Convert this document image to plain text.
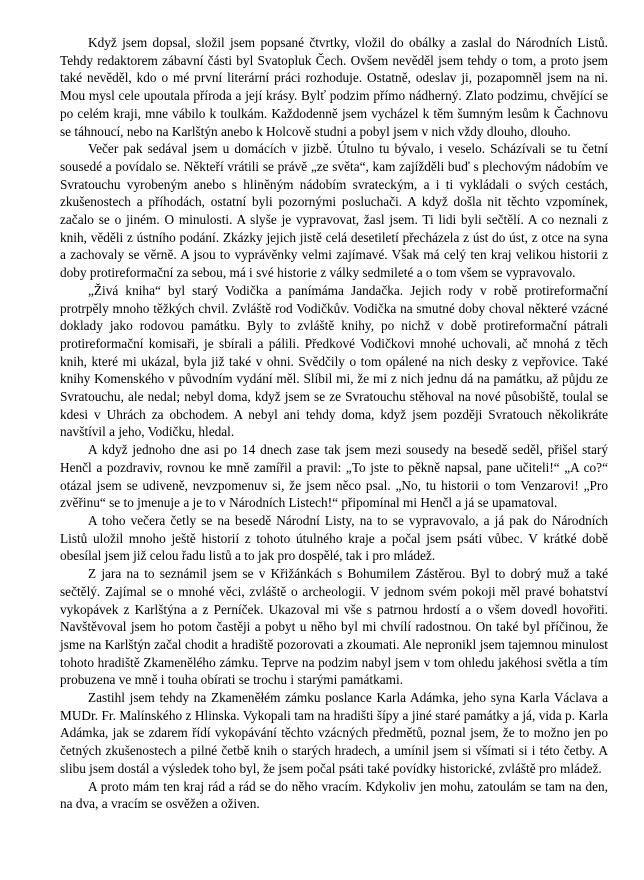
Když jsem dopsal, složil jsem popsané čtvrtky, vložil do obálky a zaslal do Národních Listů. Tehdy redaktorem zábavní části byl Svatopluk Čech. Ovšem nevěděl jsem tehdy o tom, a proto jsem také nevěděl, kdo o mé první literární práci rozhoduje. Ostatně, odeslav ji, pozapomněl jsem na ni. Mou mysl cele upoutala příroda a její krásy. Bylť podzim přímo nádherný. Zlato podzimu, chvějící se po celém kraji, mne vábilo k toulkám. Každodenně jsem vycházel k těm šumným lesům k Čachnovu se táhnoucí, nebo na Karlštýn anebo k Holcově studni a pobyl jsem v nich vždy dlouho, dlouho.

Večer pak sedával jsem u domácích v jizbě. Útulno tu bývalo, i veselo. Scházívali se tu četní sousedé a povídalo se. Někteří vrátili se právě „ze světa“, kam zajížděli buď s plechovým nádobím ve Svratouchu vyrobeným anebo s hliněným nádobím svrateckým, a i ti vykládali o svých cestách, zkušenostech a příhodách, ostatní byli pozornými posluchači. A když došla nit těchto vzpomínek, začalo se o jiném. O minulosti. A slyše je vypravovat, žasl jsem. Ti lidi byli sečtělí. A co neznali z knih, věděli z ústního podání. Zkázky jejich jistě celá desetiletí přecházela z úst do úst, z otce na syna a zachovaly se věrně. A jsou to vyprávěnky velmi zajímavé. Však má celý ten kraj velikou historii z doby protireformační za sebou, má i své historie z války sedmileté a o tom všem se vypravovalo.

„Živá kniha“ byl starý Vodička a panímáma Jandačka. Jejich rody v robě protireformační protrpěly mnoho těžkých chvil. Zvláště rod Vodičkův. Vodička na smutné doby choval některé vzácné doklady jako rodovou památku. Byly to zvláště knihy, po nichž v době protireformační pátrali protireformační komisaři, je sbírali a pálili. Předkové Vodičkovi mnohé uchovali, ač mnohá z těch knih, které mi ukázal, byla již také v ohni. Svědčily o tom opálené na nich desky z vepřovice. Také knihy Komenského v původním vydání měl. Slíbil mi, že mi z nich jednu dá na památku, až půjdu ze Svratouchu, ale nedal; nebyl doma, když jsem se ze Svratouchu stěhoval na nové působiště, toulal se kdesi v Uhrách za obchodem. A nebyl ani tehdy doma, když jsem později Svratouch několikráte navštívil a jeho, Vodičku, hledal.

A když jednoho dne asi po 14 dnech zase tak jsem mezi sousedy na besedě seděl, přišel starý Henčl a pozdraviv, rovnou ke mně zamířil a pravil: „To jste to pěkně napsal, pane učiteli!“ „A co?“ otázal jsem se udiveně, nevzpomenuv si, že jsem něco psal. „No, tu historii o tom Venzarovi! „Pro zvěřinu“ se to jmenuje a je to v Národních Listech!“ připomínal mi Henčl a já se upamatoval.

A toho večera četly se na besedě Národní Listy, na to se vypravovalo, a já pak do Národních Listů uložil mnoho ještě historií z tohoto útulného kraje a počal jsem psáti vůbec. V krátké době obesílal jsem již celou řadu listů a to jak pro dospělé, tak i pro mládež.

Z jara na to seznámil jsem se v Křižánkách s Bohumilem Zástěrou. Byl to dobrý muž a také sečtělý. Zajímal se o mnohé věci, zvláště o archeologii. V jednom svém pokoji měl pravé bohatství vykopávek z Karlštýna a z Perníček. Ukazoval mi vše s patrnou hrdostí a o všem dovedl hovořiti. Navštěvoval jsem ho potom častěji a pobyt u něho byl mi chvílí radostnou. On také byl příčinou, že jsme na Karlštýn začal chodit a hradiště pozorovati a zkoumati. Ale nepronikl jsem tajemnou minulost tohoto hradiště Zkamenělého zámku. Teprve na podzim nabyl jsem v tom ohledu jakéhosi světla a tím probuzena ve mně i touha obírati se trochu i starými památkami.

Zastihl jsem tehdy na Zkameněłém zámku poslance Karla Adámka, jeho syna Karla Václava a MUDr. Fr. Malínského z Hlinska. Vykopali tam na hradišti šípy a jiné staré památky a já, vida p. Karla Adámka, jak se zdarem řídí vykopávání těchto vzácných předmětů, poznal jsem, že to možno jen po četných zkušenostech a pilné četbě knih o starých hradech, a umínil jsem si všímati si i této četby. A slibu jsem dostál a výsledek toho byl, že jsem počal psáti také povídky historické, zvláště pro mládež.

A proto mám ten kraj rád a rád se do něho vracím. Kdykoliv jen mohu, zatoulám se tam na den, na dva, a vracím se osvěžen a oživen.
